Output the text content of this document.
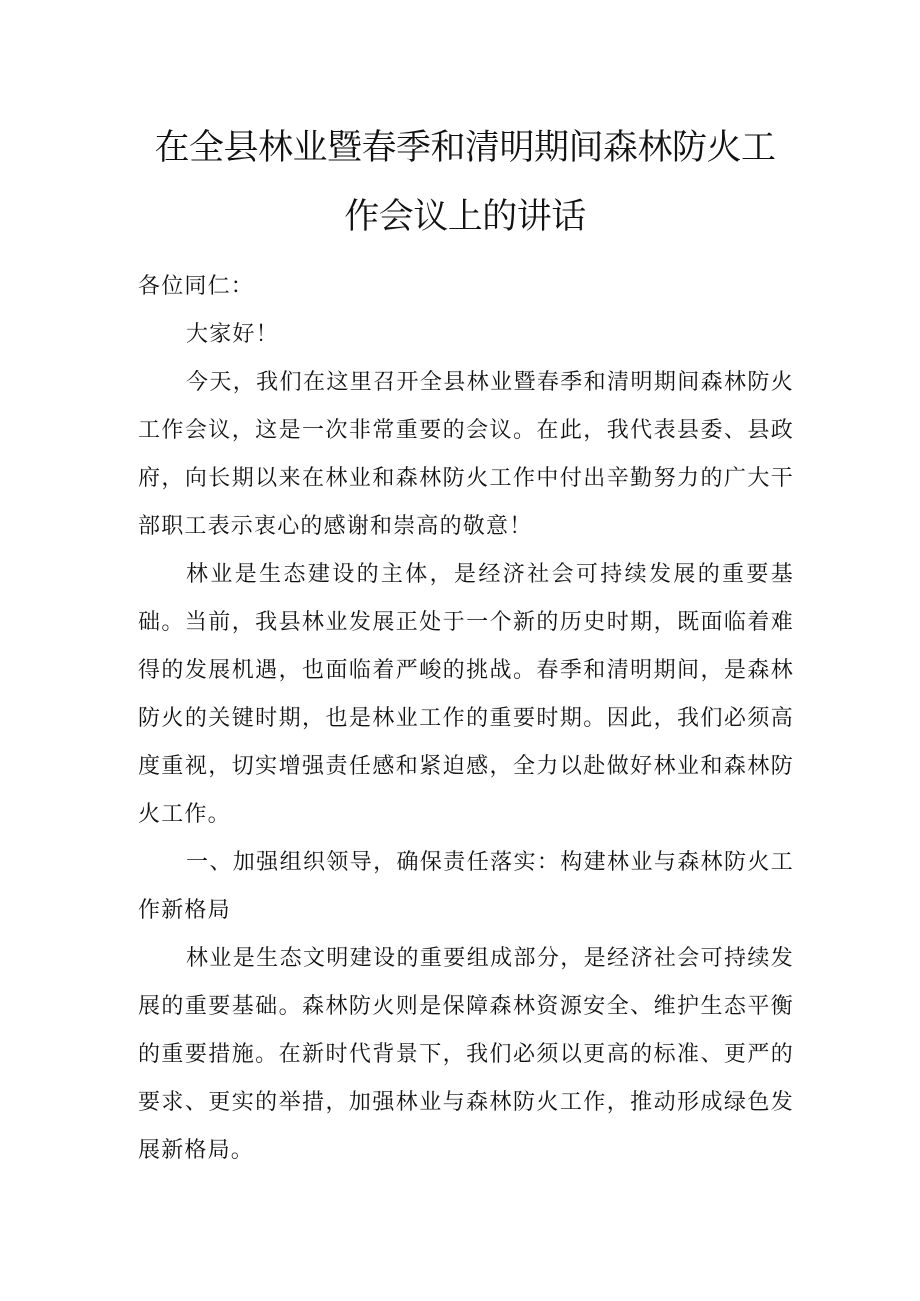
在全县林业暨春季和清明期间森林防火工
作会议上的讲话

各位同仁：

大家好！

今天，我们在这里召开全县林业暨春季和清明期间森林防火工作会议，这是一次非常重要的会议。在此，我代表县委、县政府，向长期以来在林业和森林防火工作中付出辛勤努力的广大干部职工表示衷心的感谢和崇高的敬意！

林业是生态建设的主体，是经济社会可持续发展的重要基础。当前，我县林业发展正处于一个新的历史时期，既面临着难得的发展机遇，也面临着严峻的挑战。春季和清明期间，是森林防火的关键时期，也是林业工作的重要时期。因此，我们必须高度重视，切实增强责任感和紧迫感，全力以赴做好林业和森林防火工作。

一、加强组织领导，确保责任落实：构建林业与森林防火工作新格局

林业是生态文明建设的重要组成部分，是经济社会可持续发展的重要基础。森林防火则是保障森林资源安全、维护生态平衡的重要措施。在新时代背景下，我们必须以更高的标准、更严的要求、更实的举措，加强林业与森林防火工作，推动形成绿色发展新格局。
